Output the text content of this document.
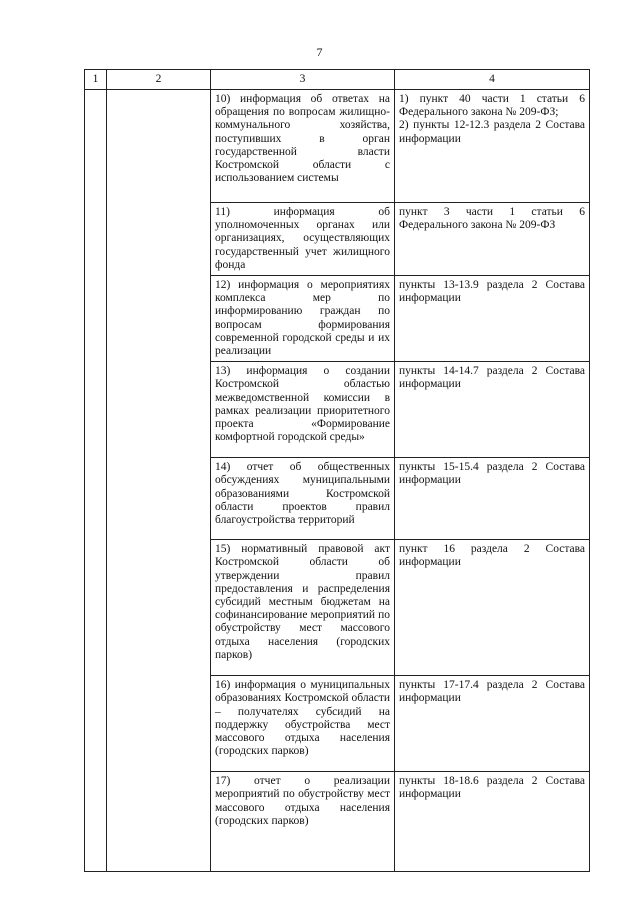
7
1	2	3	4

		10) информация об ответах на обращения по вопросам жилищно-коммунального хозяйства, поступивших в орган государственной власти Костромской области с использованием системы	1) пункт 40 части 1 статьи 6 Федерального закона № 209-ФЗ;
2) пункты 12-12.3 раздела 2 Состава информации

		11) информация об уполномоченных органах или организациях, осуществляющих государственный учет жилищного фонда	пункт 3 части 1 статьи 6 Федерального закона № 209-ФЗ

		12) информация о мероприятиях комплекса мер по информированию граждан по вопросам формирования современной городской среды и их реализации	пункты 13-13.9 раздела 2 Состава информации

		13) информация о создании Костромской областью межведомственной комиссии в рамках реализации приоритетного проекта «Формирование комфортной городской среды»	пункты 14-14.7 раздела 2 Состава информации

		14) отчет об общественных обсуждениях муниципальными образованиями Костромской области проектов правил благоустройства территорий	пункты 15-15.4 раздела 2 Состава информации

		15) нормативный правовой акт Костромской области об утверждении правил предоставления и распределения субсидий местным бюджетам на софинансирование мероприятий по обустройству мест массового отдыха населения (городских парков)	пункт 16 раздела 2 Состава информации

		16) информация о муниципальных образованиях Костромской области – получателях субсидий на поддержку обустройства мест массового отдыха населения (городских парков)	пункты 17-17.4 раздела 2 Состава информации

		17) отчет о реализации мероприятий по обустройству мест массового отдыха населения (городских парков)	пункты 18-18.6 раздела 2 Состава информации
